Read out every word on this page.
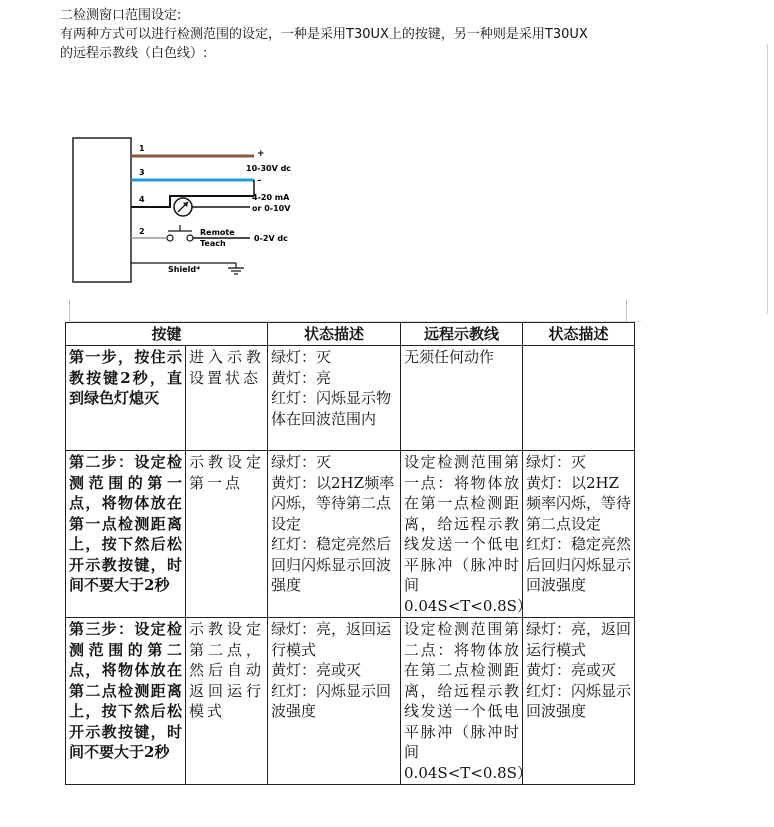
二检测窗口范围设定:

有两种方式可以进行检测范围的设定，一种是采用T30UX上的按键，另一种则是采用T30UX

的远程示教线（白色线）:

1
3
+
10-30V dc
–
4	4-20 mA
or 0-10V
2	Remote
Teach
0-2V dc
Shield*
按键		状态描述	远程示教线	状态描述
第一步，按住示教按键2秒，直到绿色灯熄灭	进入示教设置状态	绿灯：灭
黄灯：亮
红灯：闪烁显示物体在回波范围内	无须任何动作	
第二步：设定检测范围的第一点，将物体放在第一点检测距离上，按下然后松开示教按键，时间不要大于2秒	示教设定第一点	绿灯：灭
黄灯：以2HZ频率闪烁，等待第二点设定
红灯：稳定亮然后回归闪烁显示回波强度	设定检测范围第一点：将物体放在第一点检测距离，给远程示教线发送一个低电平脉冲（脉冲时间0.04S<T<0.8S）	绿灯：灭
黄灯：以2HZ频率闪烁，等待第二点设定
红灯：稳定亮然后回归闪烁显示回波强度
第三步：设定检测范围的第二点，将物体放在第二点检测距离上，按下然后松开示教按键，时间不要大于2秒	示教设定第二点，然后自动返回运行模式	绿灯：亮，返回运行模式
黄灯：亮或灭
红灯：闪烁显示回波强度	设定检测范围第二点：将物体放在第二点检测距离，给远程示教线发送一个低电平脉冲（脉冲时间0.04S<T<0.8S）	绿灯：亮，返回运行模式
黄灯：亮或灭
红灯：闪烁显示回波强度
